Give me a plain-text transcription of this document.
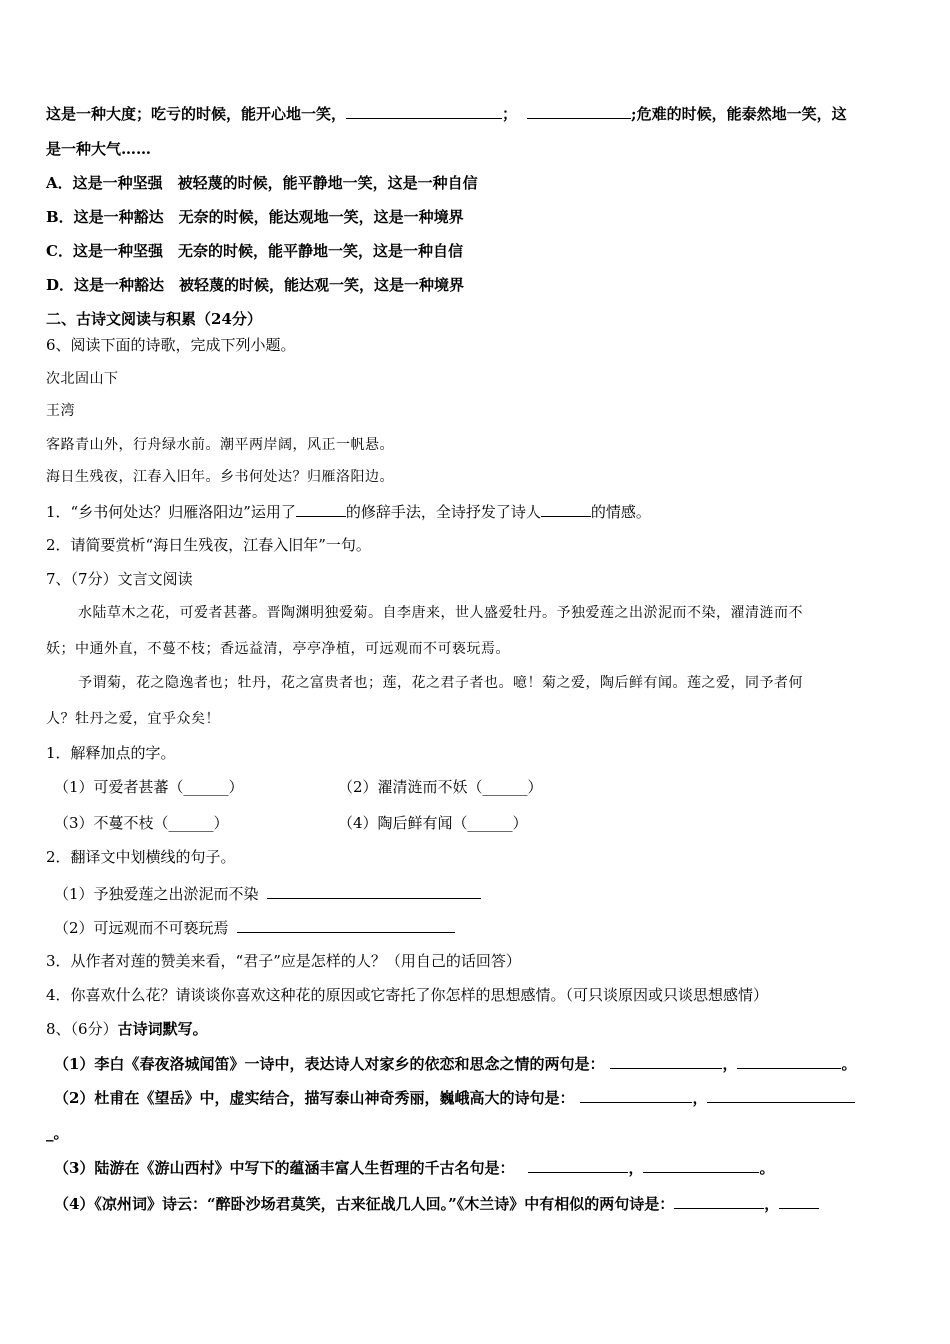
这是一种大度；吃亏的时候，能开心地一笑，	；	;危难的时候，能泰然地一笑，这
是一种大气……
A．这是一种坚强　被轻蔑的时候，能平静地一笑，这是一种自信
B．这是一种豁达　无奈的时候，能达观地一笑，这是一种境界
C．这是一种坚强　无奈的时候，能平静地一笑，这是一种自信
D．这是一种豁达　被轻蔑的时候，能达观一笑，这是一种境界
二、古诗文阅读与积累（24分）
6、阅读下面的诗歌，完成下列小题。
次北固山下
王湾
客路青山外，行舟绿水前。潮平两岸阔，风正一帆悬。
海日生残夜，江春入旧年。乡书何处达？归雁洛阳边。
1．“乡书何处达？归雁洛阳边”运用了	的修辞手法，全诗抒发了诗人	的情感。
2．请简要赏析“海日生残夜，江春入旧年”一句。
7、（7分）文言文阅读
水陆草木之花，可爱者甚蕃。晋陶渊明独爱菊。自李唐来，世人盛爱牡丹。予独爱莲之出淤泥而不染，濯清涟而不
妖；中通外直，不蔓不枝；香远益清，亭亭净植，可远观而不可亵玩焉。
予谓菊，花之隐逸者也；牡丹，花之富贵者也；莲，花之君子者也。噫！菊之爱，陶后鲜有闻。莲之爱，同予者何
人？牡丹之爱，宜乎众矣！
1．解释加点的字。
（1）可爱者甚蕃（______）	（2）濯清涟而不妖（______）
（3）不蔓不枝（______）	（4）陶后鲜有闻（______）
2．翻译文中划横线的句子。
（1）予独爱莲之出淤泥而不染
（2）可远观而不可亵玩焉
3．从作者对莲的赞美来看，“君子”应是怎样的人？（用自己的话回答）
4．你喜欢什么花？请谈谈你喜欢这种花的原因或它寄托了你怎样的思想感情。（可只谈原因或只谈思想感情）
8、（6分）古诗词默写。
（1）李白《春夜洛城闻笛》一诗中，表达诗人对家乡的依恋和思念之情的两句是：	，	。
（2）杜甫在《望岳》中，虚实结合，描写泰山神奇秀丽，巍峨高大的诗句是：	，
_。
（3）陆游在《游山西村》中写下的蕴涵丰富人生哲理的千古名句是：	，	。
（4）《凉州词》诗云：“醉卧沙场君莫笑，古来征战几人回。”《木兰诗》中有相似的两句诗是：	，
